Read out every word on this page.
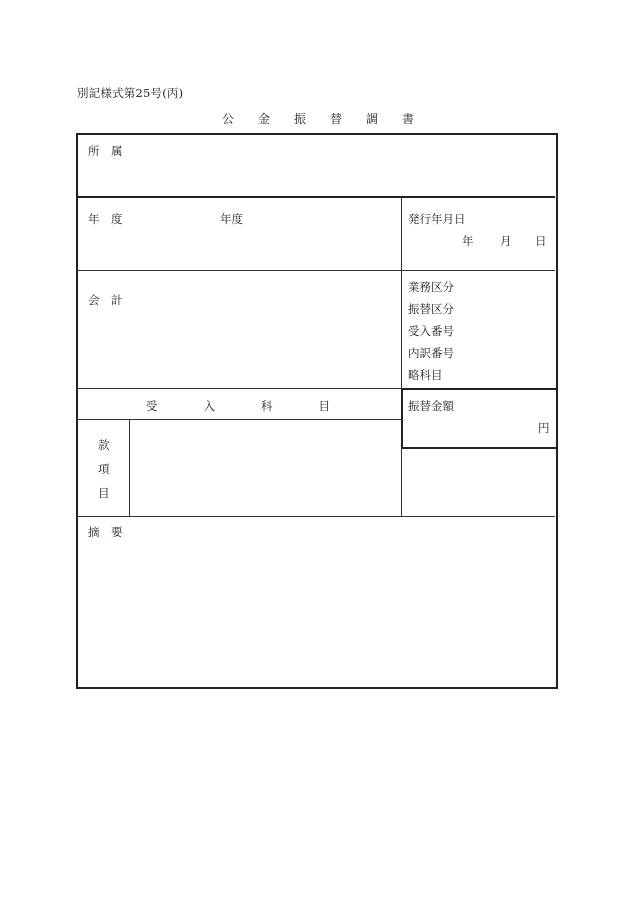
別記様式第25号(丙)
公　　金　　振　　替　　調　　書
所　属
年　度	年度	発行年月日
年 月 日
会　計
業務区分
振替区分
受入番号
内訳番号
略科目
受　　　　入　　　　科　　　　目	振替金額
円
款
項
目
摘　要
